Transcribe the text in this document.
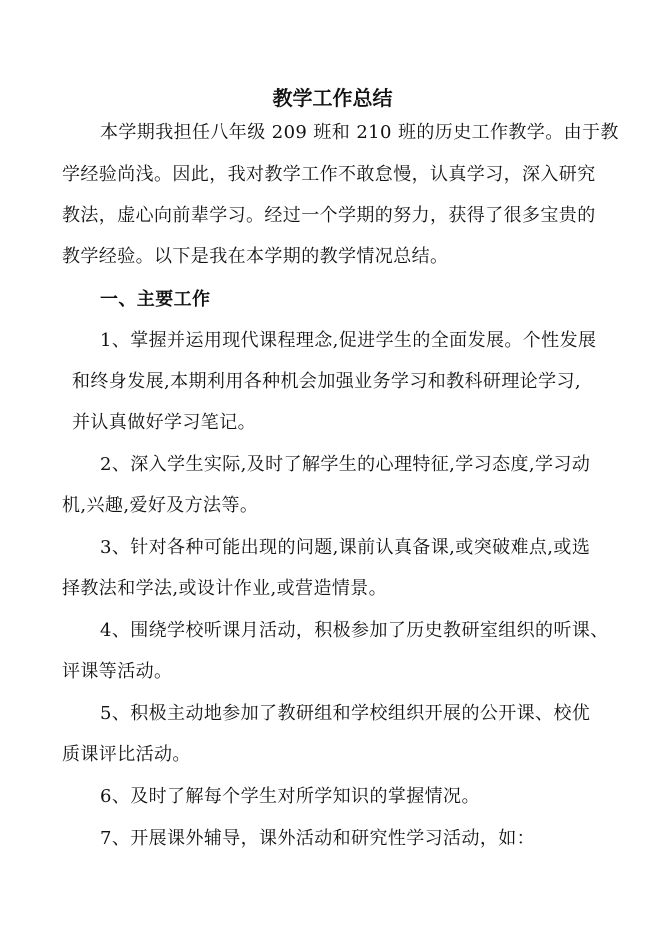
教学工作总结
本学期我担任八年级 209 班和 210 班的历史工作教学。由于教
学经验尚浅。因此，我对教学工作不敢怠慢，认真学习，深入研究
教法，虚心向前辈学习。经过一个学期的努力，获得了很多宝贵的
教学经验。以下是我在本学期的教学情况总结。
一、主要工作
1、掌握并运用现代课程理念,促进学生的全面发展。个性发展
和终身发展,本期利用各种机会加强业务学习和教科研理论学习,
并认真做好学习笔记。
2、深入学生实际,及时了解学生的心理特征,学习态度,学习动
机,兴趣,爱好及方法等。
3、针对各种可能出现的问题,课前认真备课,或突破难点,或选
择教法和学法,或设计作业,或营造情景。
4、围绕学校听课月活动，积极参加了历史教研室组织的听课、
评课等活动。
5、积极主动地参加了教研组和学校组织开展的公开课、校优
质课评比活动。
6、及时了解每个学生对所学知识的掌握情况。
7、开展课外辅导，课外活动和研究性学习活动，如：
